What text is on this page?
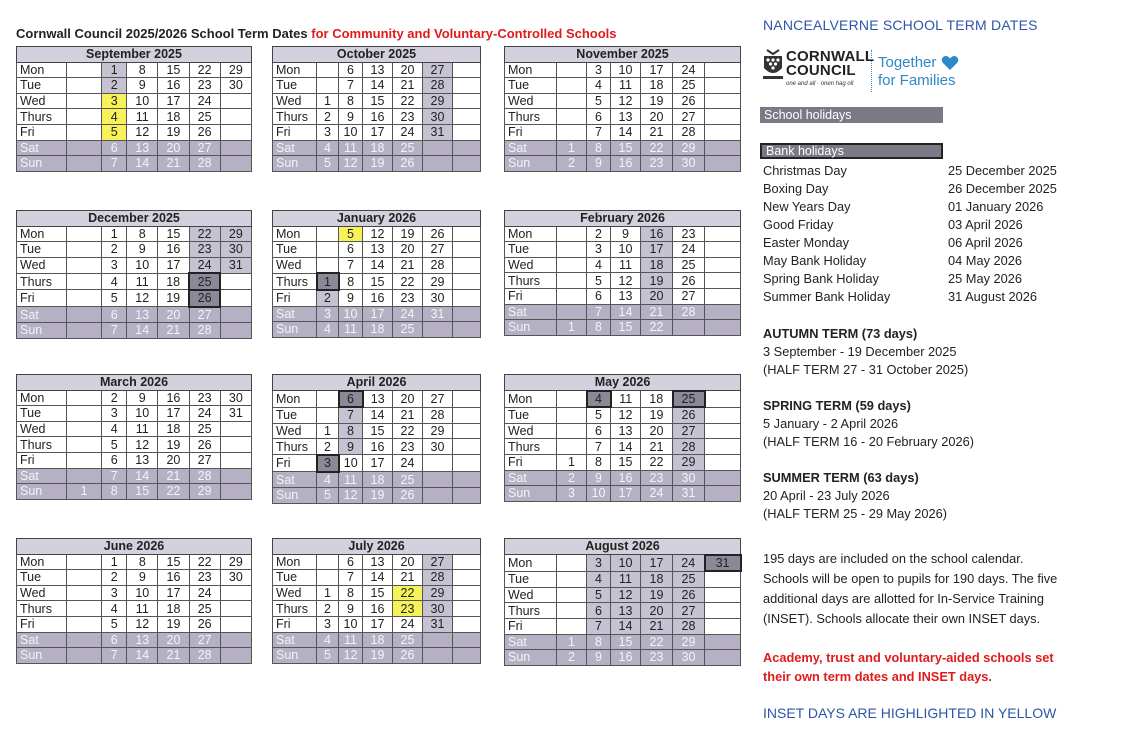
Cornwall Council 2025/2026 School Term Dates for Community and Voluntary-Controlled Schools
September 2025						
Mon		1	8	15	22	29
Tue		2	9	16	23	30
Wed		3	10	17	24	
Thurs		4	11	18	25	
Fri		5	12	19	26	
Sat		6	13	20	27	
Sun		7	14	21	28	
October 2025						
Mon		6	13	20	27	
Tue		7	14	21	28	
Wed	1	8	15	22	29	
Thurs	2	9	16	23	30	
Fri	3	10	17	24	31	
Sat	4	11	18	25		
Sun	5	12	19	26		
November 2025						
Mon		3	10	17	24	
Tue		4	11	18	25	
Wed		5	12	19	26	
Thurs		6	13	20	27	
Fri		7	14	21	28	
Sat	1	8	15	22	29	
Sun	2	9	16	23	30	
December 2025						
Mon		1	8	15	22	29
Tue		2	9	16	23	30
Wed		3	10	17	24	31
Thurs		4	11	18	25	
Fri		5	12	19	26	
Sat		6	13	20	27	
Sun		7	14	21	28	
January 2026						
Mon		5	12	19	26	
Tue		6	13	20	27	
Wed		7	14	21	28	
Thurs	1	8	15	22	29	
Fri	2	9	16	23	30	
Sat	3	10	17	24	31	
Sun	4	11	18	25		
February 2026						
Mon		2	9	16	23	
Tue		3	10	17	24	
Wed		4	11	18	25	
Thurs		5	12	19	26	
Fri		6	13	20	27	
Sat		7	14	21	28	
Sun	1	8	15	22		
March 2026						
Mon		2	9	16	23	30
Tue		3	10	17	24	31
Wed		4	11	18	25	
Thurs		5	12	19	26	
Fri		6	13	20	27	
Sat		7	14	21	28	
Sun	1	8	15	22	29	
April 2026						
Mon		6	13	20	27	
Tue		7	14	21	28	
Wed	1	8	15	22	29	
Thurs	2	9	16	23	30	
Fri	3	10	17	24		
Sat	4	11	18	25		
Sun	5	12	19	26		
May 2026						
Mon		4	11	18	25	
Tue		5	12	19	26	
Wed		6	13	20	27	
Thurs		7	14	21	28	
Fri	1	8	15	22	29	
Sat	2	9	16	23	30	
Sun	3	10	17	24	31	
June 2026						
Mon		1	8	15	22	29
Tue		2	9	16	23	30
Wed		3	10	17	24	
Thurs		4	11	18	25	
Fri		5	12	19	26	
Sat		6	13	20	27	
Sun		7	14	21	28	
July 2026						
Mon		6	13	20	27	
Tue		7	14	21	28	
Wed	1	8	15	22	29	
Thurs	2	9	16	23	30	
Fri	3	10	17	24	31	
Sat	4	11	18	25		
Sun	5	12	19	26		
August 2026						
Mon		3	10	17	24	31
Tue		4	11	18	25	
Wed		5	12	19	26	
Thurs		6	13	20	27	
Fri		7	14	21	28	
Sat	1	8	15	22	29	
Sun	2	9	16	23	30	
NANCEALVERNE SCHOOL TERM DATES
CORNWALL
COUNCIL
one and all · onen hag oll
Together
for Families
School holidays
Bank holidays
Christmas Day	25 December 2025
Boxing Day	26 December 2025
New Years Day	01 January 2026
Good Friday	03 April 2026
Easter Monday	06 April 2026
May Bank Holiday	04 May 2026
Spring Bank Holiday	25 May 2026
Summer Bank Holiday	31 August 2026
AUTUMN TERM (73 days)
3 September - 19 December 2025
(HALF TERM 27 - 31 October 2025)
SPRING TERM (59 days)
5 January - 2 April 2026
(HALF TERM 16 - 20 February 2026)
SUMMER TERM (63 days)
20 April - 23 July 2026
(HALF TERM 25 - 29 May 2026)
195 days are included on the school calendar.
Schools will be open to pupils for 190 days. The five
additional days are allotted for In-Service Training
(INSET). Schools allocate their own INSET days.
Academy, trust and voluntary-aided schools set
their own term dates and INSET days.
INSET DAYS ARE HIGHLIGHTED IN YELLOW
